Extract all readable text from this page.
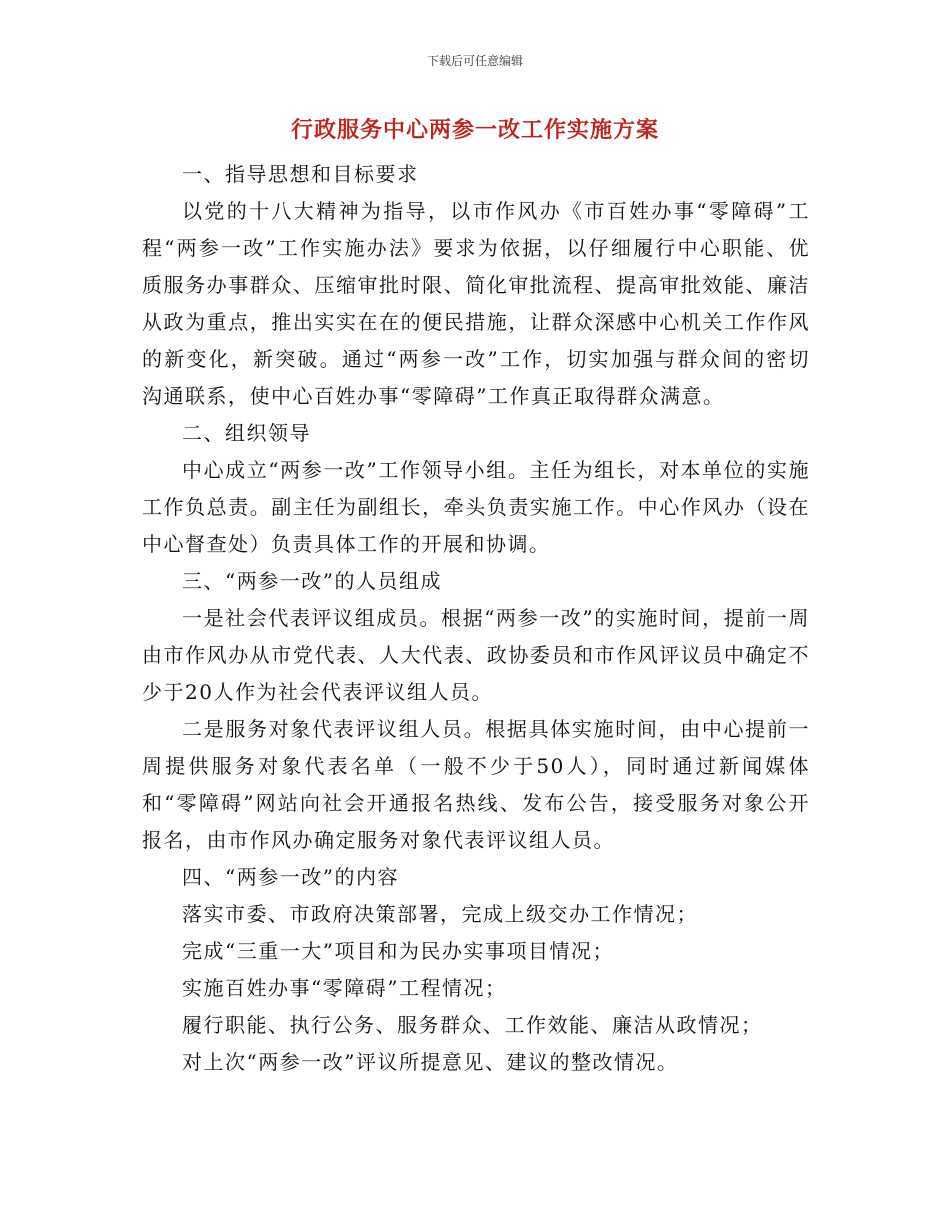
下载后可任意编辑
行政服务中心两参一改工作实施方案

一、指导思想和目标要求

以党的十八大精神为指导，以市作风办《市百姓办事“零障碍”工程“两参一改”工作实施办法》要求为依据，以仔细履行中心职能、优质服务办事群众、压缩审批时限、简化审批流程、提高审批效能、廉洁从政为重点，推出实实在在的便民措施，让群众深感中心机关工作作风的新变化，新突破。通过“两参一改”工作，切实加强与群众间的密切沟通联系，使中心百姓办事“零障碍”工作真正取得群众满意。

二、组织领导

中心成立“两参一改”工作领导小组。主任为组长，对本单位的实施工作负总责。副主任为副组长，牵头负责实施工作。中心作风办（设在中心督查处）负责具体工作的开展和协调。

三、“两参一改”的人员组成

一是社会代表评议组成员。根据“两参一改”的实施时间，提前一周由市作风办从市党代表、人大代表、政协委员和市作风评议员中确定不少于20人作为社会代表评议组人员。

二是服务对象代表评议组人员。根据具体实施时间，由中心提前一周提供服务对象代表名单（一般不少于50人），同时通过新闻媒体和“零障碍”网站向社会开通报名热线、发布公告，接受服务对象公开报名，由市作风办确定服务对象代表评议组人员。

四、“两参一改”的内容

落实市委、市政府决策部署，完成上级交办工作情况；

完成“三重一大”项目和为民办实事项目情况；

实施百姓办事“零障碍”工程情况；

履行职能、执行公务、服务群众、工作效能、廉洁从政情况；

对上次“两参一改”评议所提意见、建议的整改情况。
